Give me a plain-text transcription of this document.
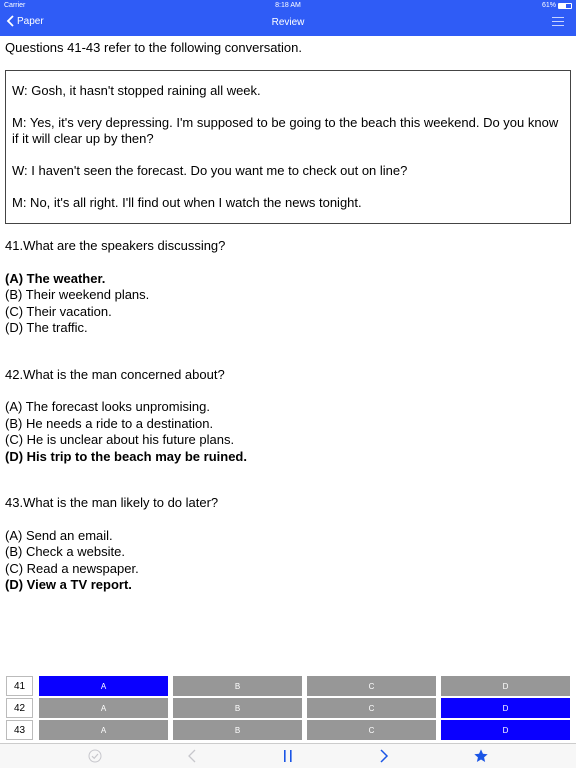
Carrier	8:18 AM	61%
Paper	Review
Questions 41-43 refer to the following conversation.
W: Gosh, it hasn't stopped raining all week.
M: Yes, it's very depressing. I'm supposed to be going to the beach this weekend. Do you know if it will clear up by then?
W: I haven't seen the forecast. Do you want me to check out on line?
M: No, it's all right. I'll find out when I watch the news tonight.
41.What are the speakers discussing?
(A) The weather.
(B) Their weekend plans.
(C) Their vacation.
(D) The traffic.
42.What is the man concerned about?
(A) The forecast looks unpromising.
(B) He needs a ride to a destination.
(C) He is unclear about his future plans.
(D) His trip to the beach may be ruined.
43.What is the man likely to do later?
(A) Send an email.
(B) Check a website.
(C) Read a newspaper.
(D) View a TV report.
41	A	B	C	D
42	A	B	C	D
43	A	B	C	D
